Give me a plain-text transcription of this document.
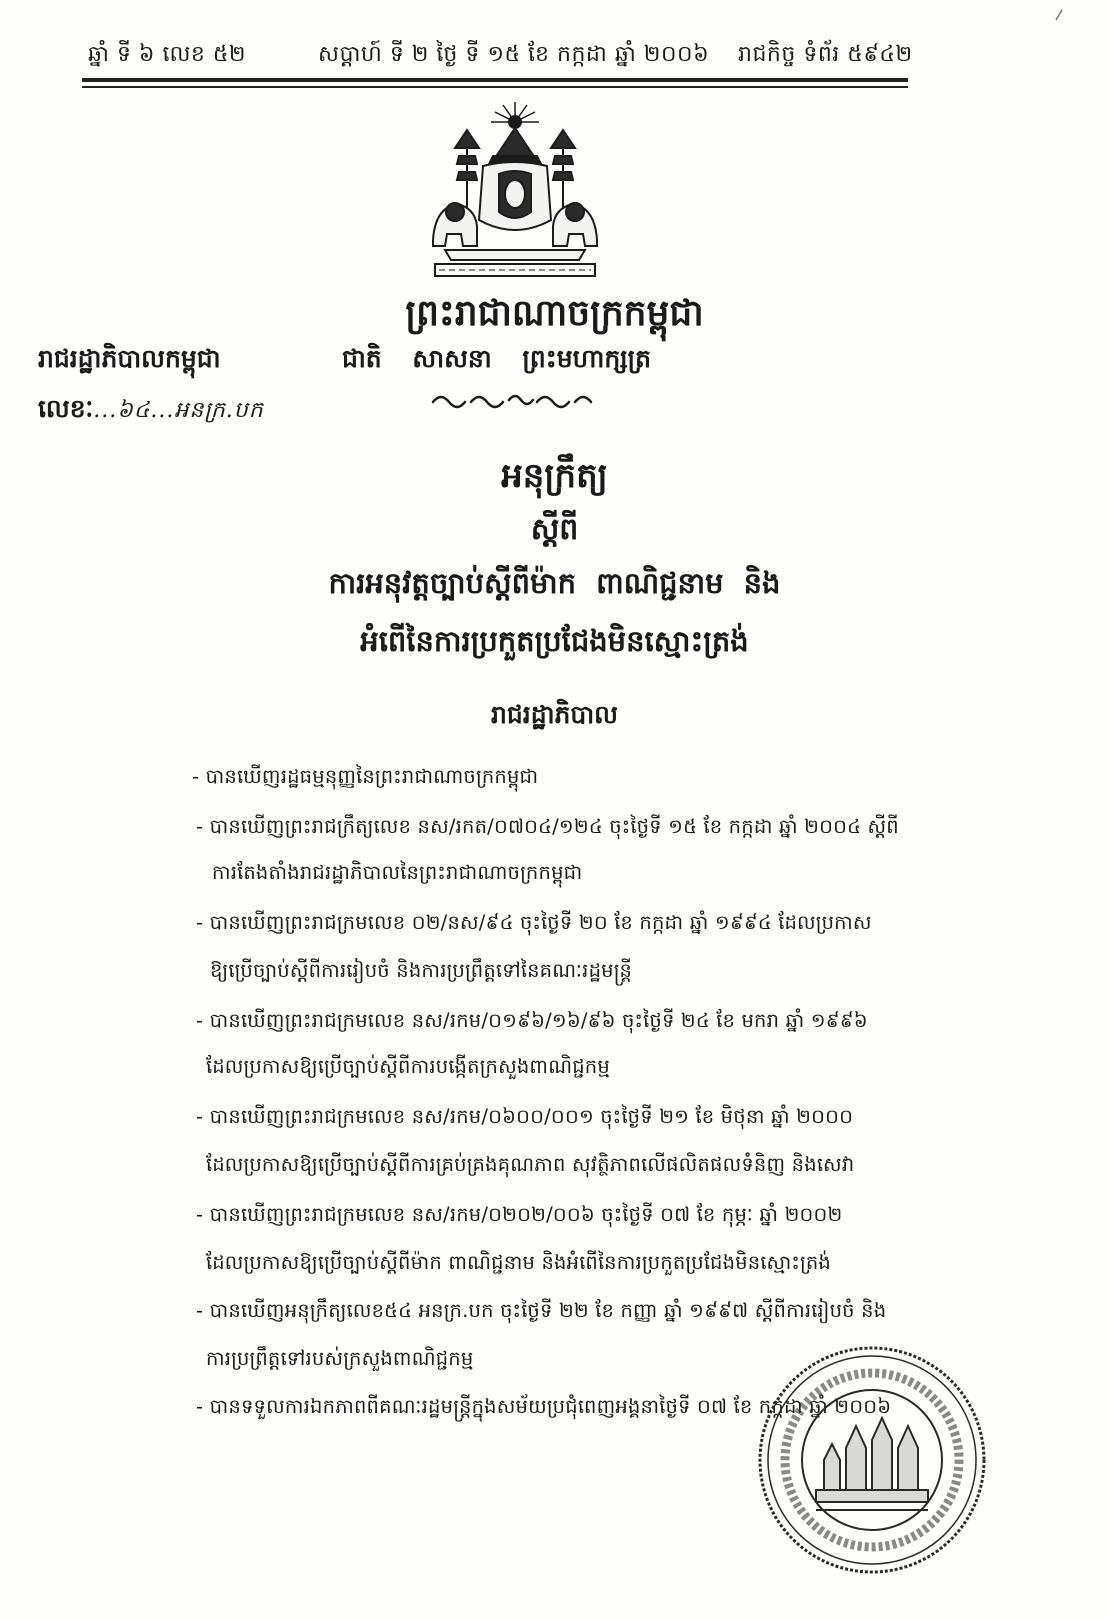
ឆ្នាំ ទី ៦ លេខ ៥២	សប្តាហ៍ ទី ២ ថ្ងៃ ទី ១៥ ខែ កក្កដា ឆ្នាំ ២០០៦ រាជកិច្ច ទំព័រ ៥៩៤២
ព្រះរាជាណាចក្រកម្ពុជា
ជាតិ សាសនា ព្រះមហាក្សត្រ
រាជរដ្ឋាភិបាលកម្ពុជា
លេខៈ...៦៤...អនក្រ.បក
អនុក្រឹត្យ
ស្តីពី
ការអនុវត្តច្បាប់ស្តីពីម៉ាក ពាណិជ្ជនាម និង
អំពើនៃការប្រកួតប្រជែងមិនស្មោះត្រង់
រាជរដ្ឋាភិបាល
- បានឃើញរដ្ឋធម្មនុញ្ញនៃព្រះរាជាណាចក្រកម្ពុជា
- បានឃើញព្រះរាជក្រឹត្យលេខ នស/រកត/០៧០៤/១២៤ ចុះថ្ងៃទី ១៥ ខែ កក្កដា ឆ្នាំ ២០០៤ ស្តីពី
ការតែងតាំងរាជរដ្ឋាភិបាលនៃព្រះរាជាណាចក្រកម្ពុជា
- បានឃើញព្រះរាជក្រមលេខ ០២/នស/៩៤ ចុះថ្ងៃទី ២០ ខែ កក្កដា ឆ្នាំ ១៩៩៤ ដែលប្រកាស
ឱ្យប្រើច្បាប់ស្តីពីការរៀបចំ និងការប្រព្រឹត្តទៅនៃគណៈរដ្ឋមន្ត្រី
- បានឃើញព្រះរាជក្រមលេខ នស/រកម/០១៩៦/១៦/៩៦ ចុះថ្ងៃទី ២៤ ខែ មករា ឆ្នាំ ១៩៩៦
ដែលប្រកាសឱ្យប្រើច្បាប់ស្តីពីការបង្កើតក្រសួងពាណិជ្ជកម្ម
- បានឃើញព្រះរាជក្រមលេខ នស/រកម/០៦០០/០០១ ចុះថ្ងៃទី ២១ ខែ មិថុនា ឆ្នាំ ២០០០
ដែលប្រកាសឱ្យប្រើច្បាប់ស្តីពីការគ្រប់គ្រងគុណភាព សុវត្ថិភាពលើផលិតផលទំនិញ និងសេវា
- បានឃើញព្រះរាជក្រមលេខ នស/រកម/០២០២/០០៦ ចុះថ្ងៃទី ០៧ ខែ កុម្ភៈ ឆ្នាំ ២០០២
ដែលប្រកាសឱ្យប្រើច្បាប់ស្តីពីម៉ាក ពាណិជ្ជនាម និងអំពើនៃការប្រកួតប្រជែងមិនស្មោះត្រង់
- បានឃើញអនុក្រឹត្យលេខ៥៤ អនក្រ.បក ចុះថ្ងៃទី ២២ ខែ កញ្ញា ឆ្នាំ ១៩៩៧ ស្តីពីការរៀបចំ និង
ការប្រព្រឹត្តទៅរបស់ក្រសួងពាណិជ្ជកម្ម
- បានទទួលការឯកភាពពីគណៈរដ្ឋមន្ត្រីក្នុងសម័យប្រជុំពេញអង្គនាថ្ងៃទី ០៧ ខែ កក្កដា ឆ្នាំ ២០០៦
